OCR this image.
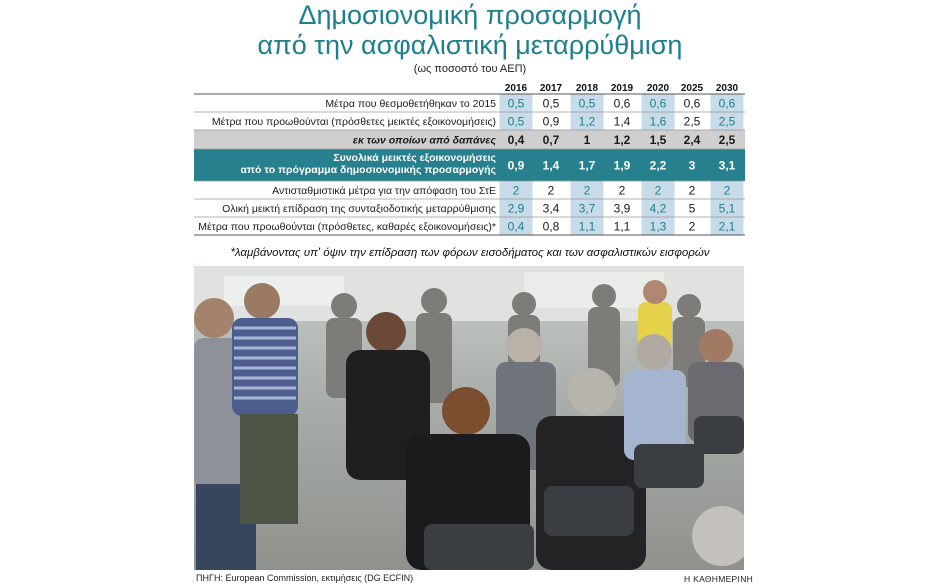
Δημοσιονομική προσαρμογή
από την ασφαλιστική μεταρρύθμιση
(ως ποσοστό του ΑΕΠ)
2016 2017 2018 2019 2020 2025 2030
Μέτρα που θεσμοθετήθηκαν το 2015 0,5 0,5 0,5 0,6 0,6 0,6 0,6
Μέτρα που προωθούνται (πρόσθετες μεικτές εξοικονομήσεις) 0,5 0,9 1,2 1,4 1,6 2,5 2,5
εκ των οποίων από δαπάνες 0,4 0,7 1 1,2 1,5 2,4 2,5
Συνολικά μεικτές εξοικονομήσεις
από το πρόγραμμα δημοσιονομικής προσαρμογής 0,9 1,4 1,7 1,9 2,2 3 3,1
Αντισταθμιστικά μέτρα για την απόφαση του ΣτΕ 2 2 2 2 2 2 2
Ολική μεικτή επίδραση της συνταξιοδοτικής μεταρρύθμισης 2,9 3,4 3,7 3,9 4,2 5 5,1
Μέτρα που προωθούνται (πρόσθετες, καθαρές εξοικονομήσεις)* 0,4 0,8 1,1 1,1 1,3 2 2,1
*λαμβάνοντας υπ' όψιν την επίδραση των φόρων εισοδήματος και των ασφαλιστικών εισφορών
ΠΗΓΗ: European Commission, εκτιμήσεις (DG ECFIN)	Η ΚΑΘΗΜΕΡΙΝΗ
